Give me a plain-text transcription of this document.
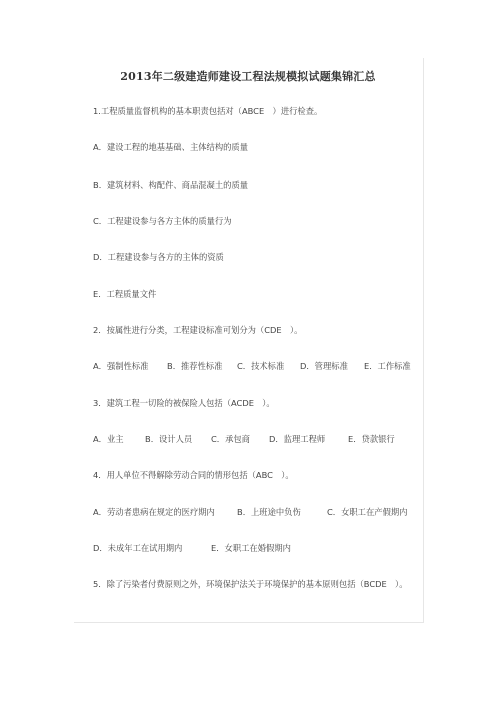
2013年二级建造师建设工程法规模拟试题集锦汇总
1.工程质量监督机构的基本职责包括对（ABCE　）进行检查。
A．建设工程的地基基础、主体结构的质量
B．建筑材料、构配件、商品混凝土的质量
C．工程建设参与各方主体的质量行为
D．工程建设参与各方的主体的资质
E．工程质量文件
2．按属性进行分类，工程建设标准可划分为（CDE　）。
A．强制性标准 B．推荐性标准 C．技术标准 D．管理标准 E．工作标准
3．建筑工程一切险的被保险人包括（ACDE　）。
A．业主	B．设计人员 C．承包商 D．监理工程师	E．贷款银行
4．用人单位不得解除劳动合同的情形包括（ABC　）。
A．劳动者患病在规定的医疗期内	B．上班途中负伤	C．女职工在产假期内
D．未成年工在试用期内	E．女职工在婚假期内
5．除了污染者付费原则之外，环境保护法关于环境保护的基本原则包括（BCDE　）。
